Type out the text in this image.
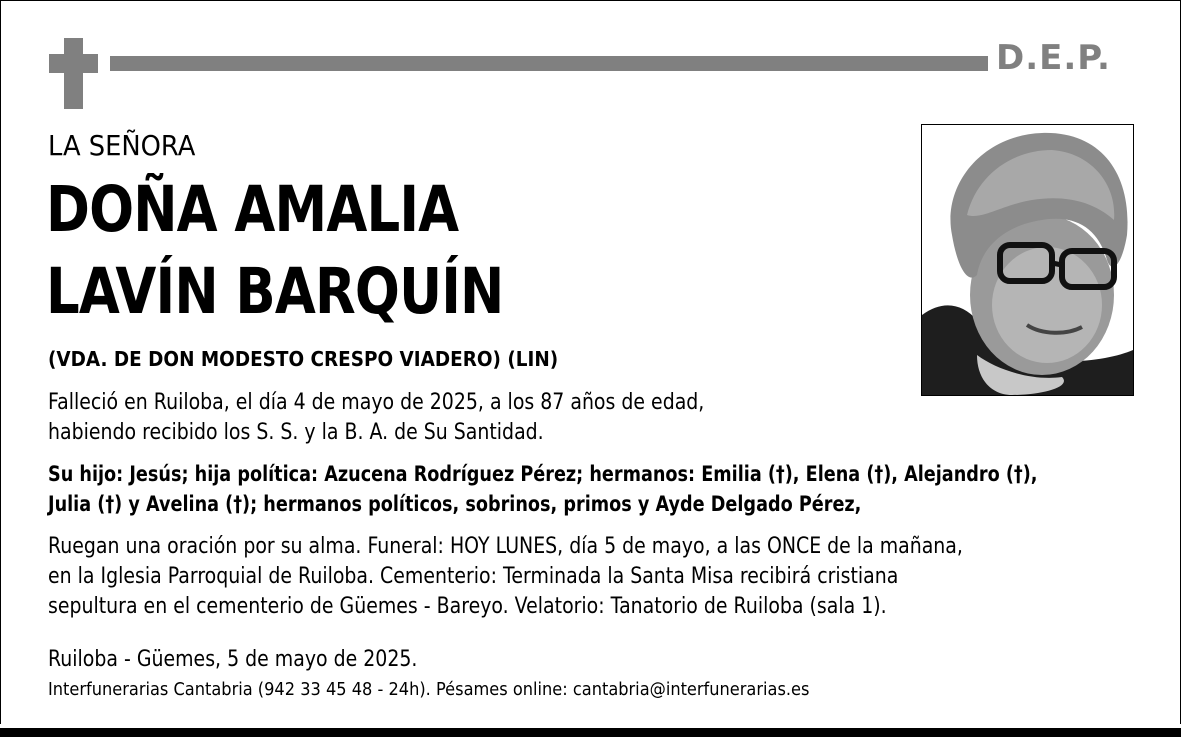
D.E.P.
LA SEÑORA
DOÑA AMALIA
LAVÍN BARQUÍN
(VDA. DE DON MODESTO CRESPO VIADERO) (LIN)
Falleció en Ruiloba, el día 4 de mayo de 2025, a los 87 años de edad,
habiendo recibido los S. S. y la B. A. de Su Santidad.
Su hijo: Jesús; hija política: Azucena Rodríguez Pérez; hermanos: Emilia (†), Elena (†), Alejandro (†),
Julia (†) y Avelina (†); hermanos políticos, sobrinos, primos y Ayde Delgado Pérez,
Ruegan una oración por su alma. Funeral: HOY LUNES, día 5 de mayo, a las ONCE de la mañana,
en la Iglesia Parroquial de Ruiloba. Cementerio: Terminada la Santa Misa recibirá cristiana
sepultura en el cementerio de Güemes - Bareyo. Velatorio: Tanatorio de Ruiloba (sala 1).
Ruiloba - Güemes, 5 de mayo de 2025.
Interfunerarias Cantabria (942 33 45 48 - 24h). Pésames online: cantabria@interfunerarias.es
